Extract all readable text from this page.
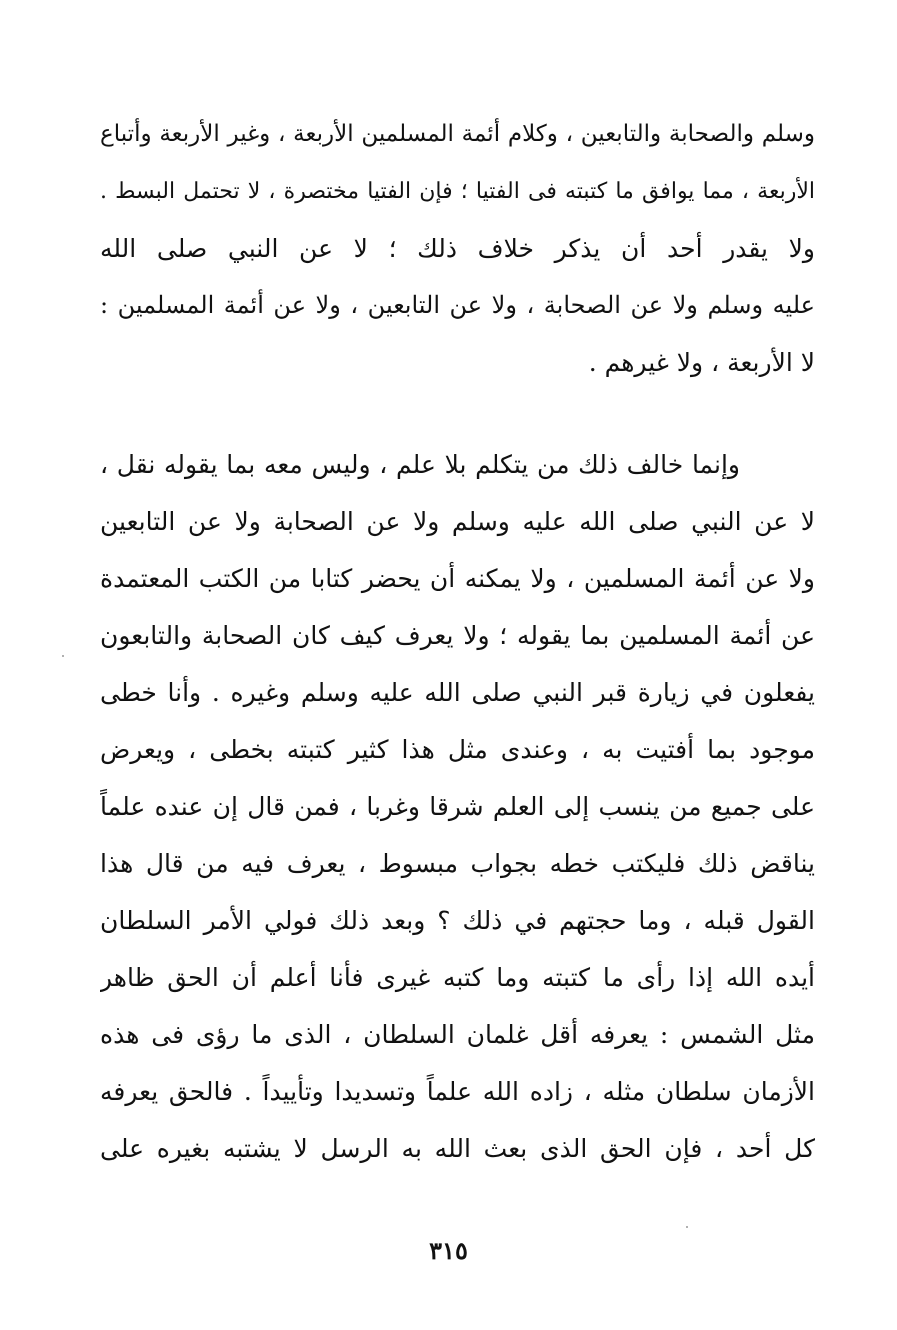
وسلم والصحابة والتابعين ، وكلام أئمة المسلمين الأربعة ، وغير الأربعة وأتباع
الأربعة ، مما يوافق ما كتبته فى الفتيا ؛ فإن الفتيا مختصرة ، لا تحتمل البسط .
ولا يقدر أحد أن يذكر خلاف ذلك ؛ لا عن النبي صلى الله
عليه وسلم ولا عن الصحابة ، ولا عن التابعين ، ولا عن أئمة المسلمين :
لا الأربعة ، ولا غيرهم .
وإنما خالف ذلك من يتكلم بلا علم ، وليس معه بما يقوله نقل ،
لا عن النبي صلى الله عليه وسلم ولا عن الصحابة ولا عن التابعين
ولا عن أئمة المسلمين ، ولا يمكنه أن يحضر كتابا من الكتب المعتمدة
عن أئمة المسلمين بما يقوله ؛ ولا يعرف كيف كان الصحابة والتابعون
يفعلون في زيارة قبر النبي صلى الله عليه وسلم وغيره . وأنا خطى
موجود بما أفتيت به ، وعندى مثل هذا كثير كتبته بخطى ، ويعرض
على جميع من ينسب إلى العلم شرقا وغربا ، فمن قال إن عنده علماً
يناقض ذلك فليكتب خطه بجواب مبسوط ، يعرف فيه من قال هذا
القول قبله ، وما حجتهم في ذلك ؟ وبعد ذلك فولي الأمر السلطان
أيده الله إذا رأى ما كتبته وما كتبه غيرى فأنا أعلم أن الحق ظاهر
مثل الشمس : يعرفه أقل غلمان السلطان ، الذى ما رؤى فى هذه
الأزمان سلطان مثله ، زاده الله علماً وتسديدا وتأييداً . فالحق يعرفه
كل أحد ، فإن الحق الذى بعث الله به الرسل لا يشتبه بغيره على
٣١٥
